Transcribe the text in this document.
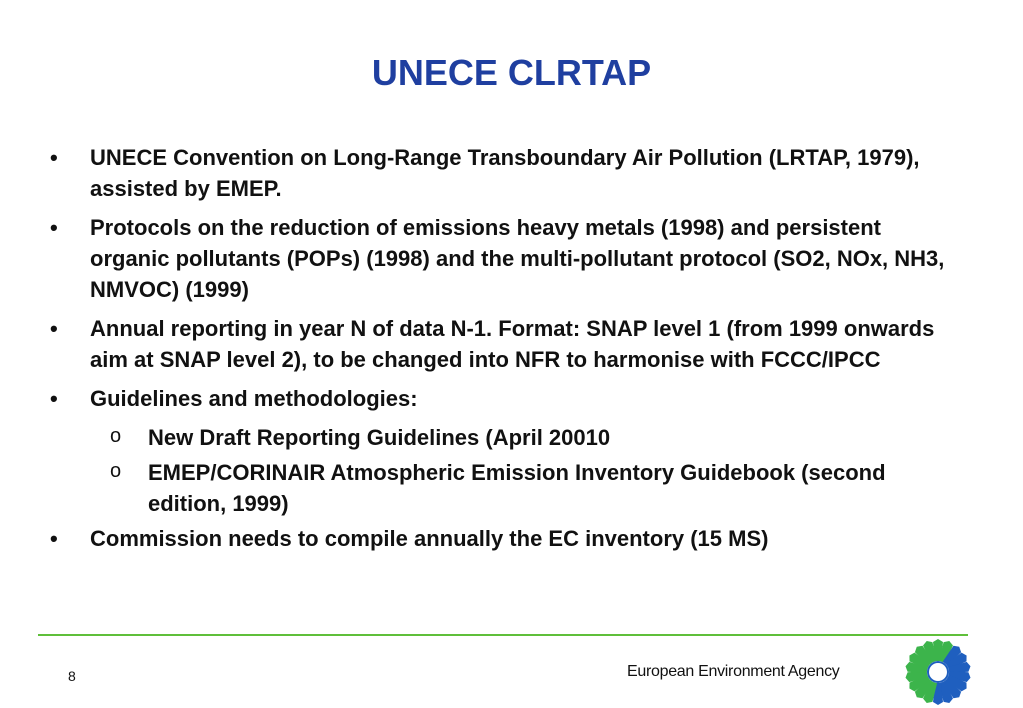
UNECE CLRTAP
• UNECE Convention on Long-Range Transboundary Air Pollution (LRTAP, 1979), assisted by EMEP.
• Protocols on the reduction of emissions heavy metals (1998) and persistent organic pollutants (POPs) (1998) and the multi-pollutant protocol (SO2, NOx, NH3, NMVOC) (1999)
• Annual reporting in year N of data N-1. Format: SNAP level 1 (from 1999 onwards aim at SNAP level 2), to be changed into NFR to harmonise with FCCC/IPCC
• Guidelines and methodologies:
o New Draft Reporting Guidelines (April 20010
o EMEP/CORINAIR Atmospheric Emission Inventory Guidebook (second edition, 1999)
• Commission needs to compile annually the EC inventory (15 MS)
8	European Environment Agency
